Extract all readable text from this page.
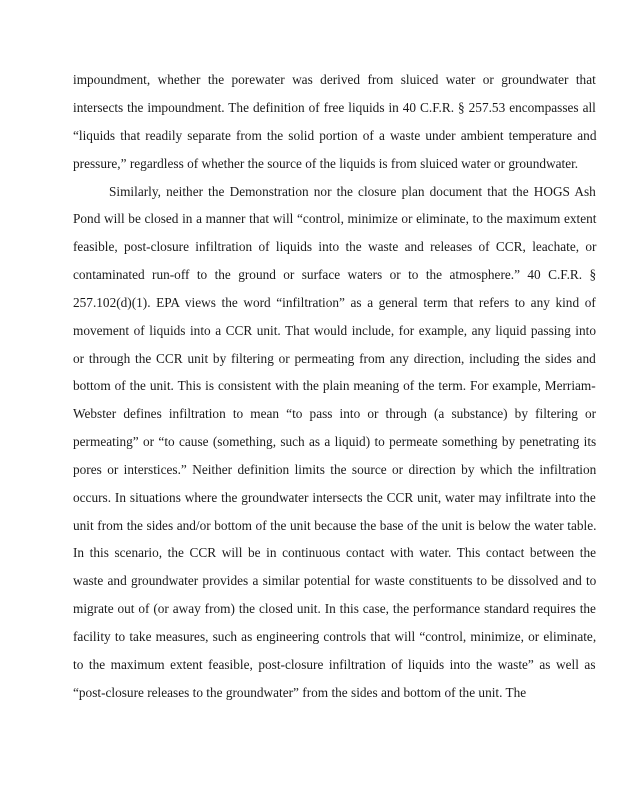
impoundment, whether the porewater was derived from sluiced water or groundwater that
intersects the impoundment. The definition of free liquids in 40 C.F.R. § 257.53 encompasses all
“liquids that readily separate from the solid portion of a waste under ambient temperature and
pressure,” regardless of whether the source of the liquids is from sluiced water or groundwater.
Similarly, neither the Demonstration nor the closure plan document that the HOGS Ash
Pond will be closed in a manner that will “control, minimize or eliminate, to the maximum extent
feasible, post-closure infiltration of liquids into the waste and releases of CCR, leachate, or
contaminated run-off to the ground or surface waters or to the atmosphere.” 40 C.F.R. §
257.102(d)(1). EPA views the word “infiltration” as a general term that refers to any kind of
movement of liquids into a CCR unit. That would include, for example, any liquid passing into
or through the CCR unit by filtering or permeating from any direction, including the sides and
bottom of the unit. This is consistent with the plain meaning of the term. For example, Merriam-
Webster defines infiltration to mean “to pass into or through (a substance) by filtering or
permeating” or “to cause (something, such as a liquid) to permeate something by penetrating its
pores or interstices.” Neither definition limits the source or direction by which the infiltration
occurs. In situations where the groundwater intersects the CCR unit, water may infiltrate into the
unit from the sides and/or bottom of the unit because the base of the unit is below the water table.
In this scenario, the CCR will be in continuous contact with water. This contact between the
waste and groundwater provides a similar potential for waste constituents to be dissolved and to
migrate out of (or away from) the closed unit. In this case, the performance standard requires the
facility to take measures, such as engineering controls that will “control, minimize, or eliminate,
to the maximum extent feasible, post-closure infiltration of liquids into the waste” as well as
“post-closure releases to the groundwater” from the sides and bottom of the unit. The
